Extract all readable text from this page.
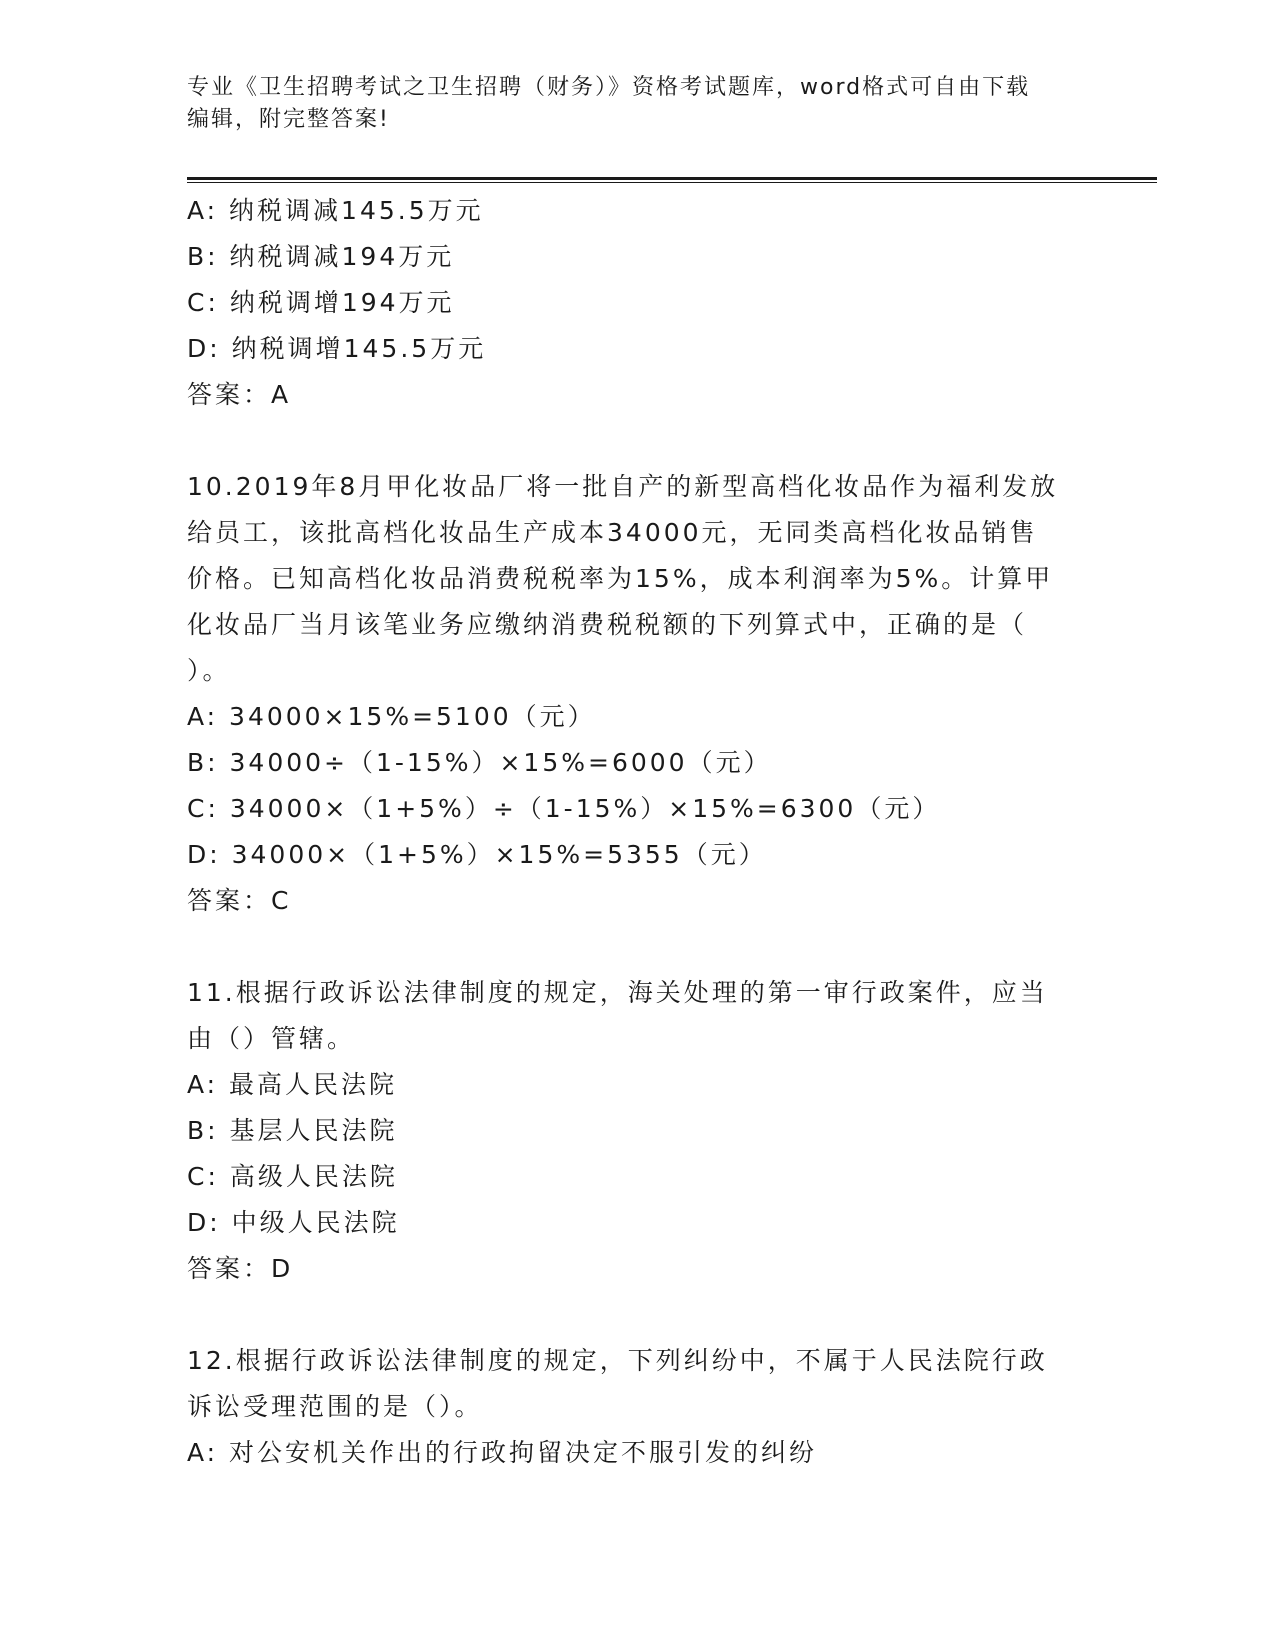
专业《卫生招聘考试之卫生招聘（财务）》资格考试题库，word格式可自由下载
编辑，附完整答案!
A: 纳税调减145.5万元
B: 纳税调减194万元
C: 纳税调增194万元
D: 纳税调增145.5万元
答案：A
10.2019年8月甲化妆品厂将一批自产的新型高档化妆品作为福利发放
给员工，该批高档化妆品生产成本34000元，无同类高档化妆品销售
价格。已知高档化妆品消费税税率为15%，成本利润率为5%。计算甲
化妆品厂当月该笔业务应缴纳消费税税额的下列算式中，正确的是（
）。
A: 34000×15%=5100（元）
B: 34000÷（1-15%）×15%=6000（元）
C: 34000×（1+5%）÷（1-15%）×15%=6300（元）
D: 34000×（1+5%）×15%=5355（元）
答案：C
11.根据行政诉讼法律制度的规定，海关处理的第一审行政案件，应当
由（）管辖。
A: 最高人民法院
B: 基层人民法院
C: 高级人民法院
D: 中级人民法院
答案：D
12.根据行政诉讼法律制度的规定，下列纠纷中，不属于人民法院行政
诉讼受理范围的是（）。
A: 对公安机关作出的行政拘留决定不服引发的纠纷
